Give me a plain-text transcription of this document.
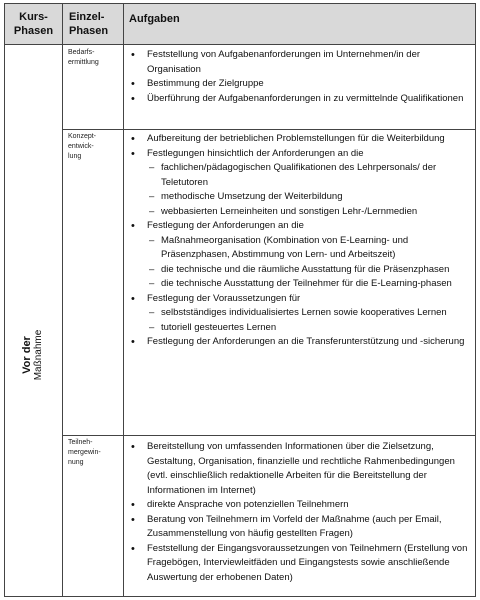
Kurs-
Phasen
Einzel-
Phasen
Aufgaben
Vor der Maßnahme
Bedarfs-
ermittlung
Konzept-
entwick-
lung
Teilneh-
mergewin-
nung
• Feststellung von Aufgabenanforderungen im Unternehmen/in der Organisation
• Bestimmung der Zielgruppe
• Überführung der Aufgabenanforderungen in zu vermittelnde Qualifikationen
• Aufbereitung der betrieblichen Problemstellungen für die Weiterbildung
• Festlegungen hinsichtlich der Anforderungen an die
– fachlichen/pädagogischen Qualifikationen des Lehrpersonals/ der Teletutoren
– methodische Umsetzung der Weiterbildung
– webbasierten Lerneinheiten und sonstigen Lehr-/Lernmedien
• Festlegung der Anforderungen an die
– Maßnahmeorganisation (Kombination von E-Learning- und Präsenzphasen, Abstimmung von Lern- und Arbeitszeit)
– die technische und die räumliche Ausstattung für die Präsenzphasen
– die technische Ausstattung der Teilnehmer für die E-Learning-phasen
• Festlegung der Voraussetzungen für
– selbstständiges individualisiertes Lernen sowie kooperatives Lernen
– tutoriell gesteuertes Lernen
• Festlegung der Anforderungen an die Transferunterstützung und -sicherung
• Bereitstellung von umfassenden Informationen über die Zielsetzung, Gestaltung, Organisation, finanzielle und rechtliche Rahmenbedingungen (evtl. einschließlich redaktionelle Arbeiten für die Bereitstellung der Informationen im Internet)
• direkte Ansprache von potenziellen Teilnehmern
• Beratung von Teilnehmern im Vorfeld der Maßnahme (auch per Email, Zusammenstellung von häufig gestellten Fragen)
• Feststellung der Eingangsvoraussetzungen von Teilnehmern (Erstellung von Fragebögen, Interviewleitfäden und Eingangstests sowie anschließende Auswertung der erhobenen Daten)
